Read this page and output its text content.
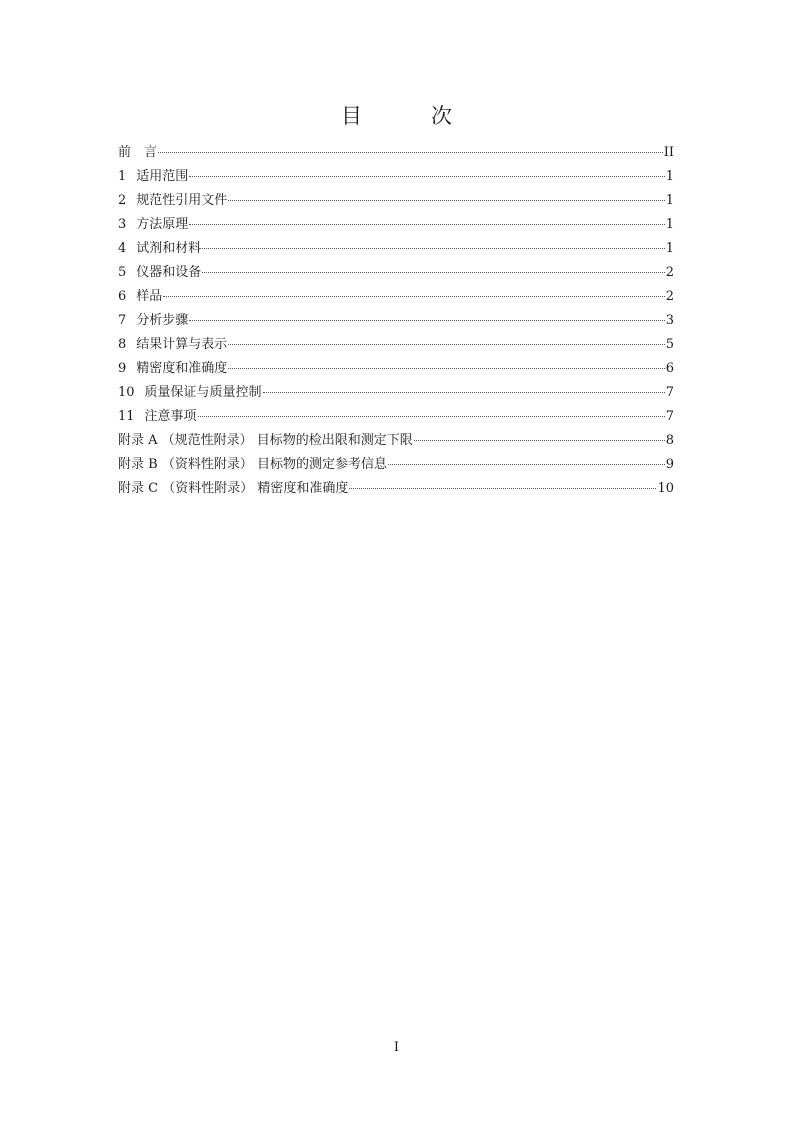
目　次
前　言	II
1 适用范围	1
2 规范性引用文件	1
3 方法原理	1
4 试剂和材料	1
5 仪器和设备	2
6 样品	2
7 分析步骤	3
8 结果计算与表示	5
9 精密度和准确度	6
10 质量保证与质量控制	7
11 注意事项	7
附录 A （规范性附录） 目标物的检出限和测定下限	8
附录 B （资料性附录） 目标物的测定参考信息	9
附录 C （资料性附录） 精密度和准确度	10
I
